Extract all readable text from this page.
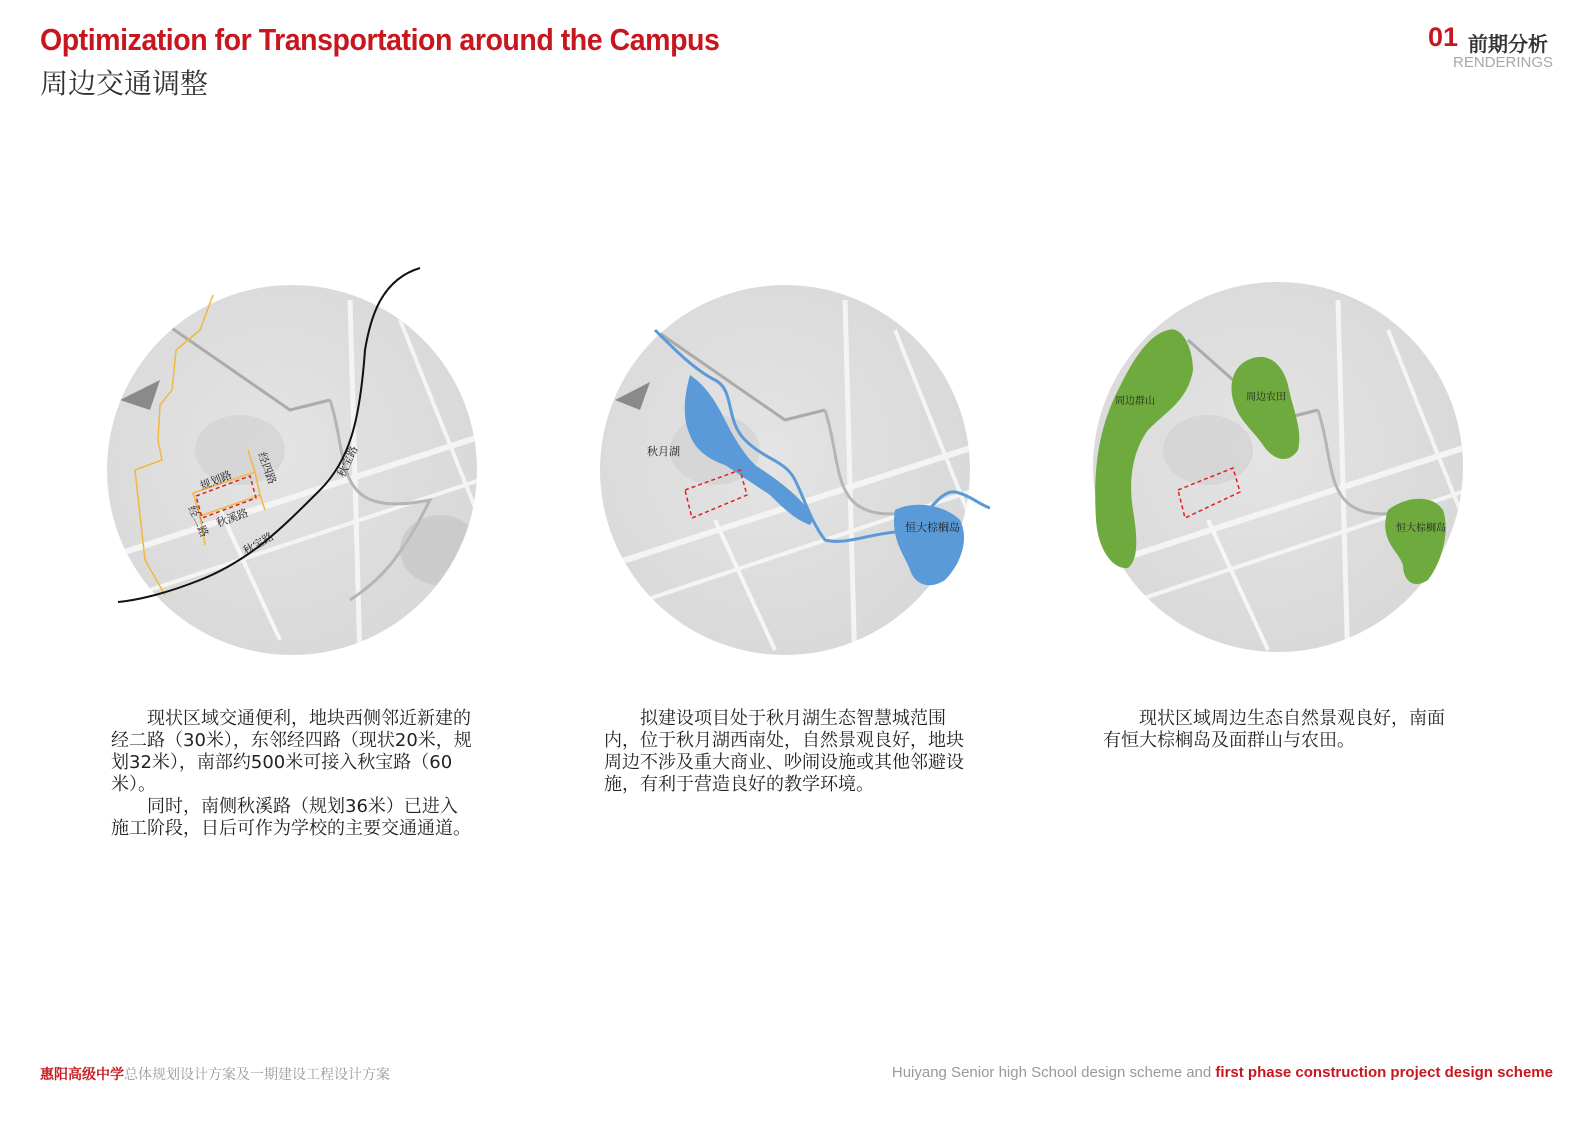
Optimization for Transportation around the Campus
周边交通调整
01 前期分析
RENDERINGS
规划路 经四路
经二路 秋溪路
秋宝路
秋宝路
秋月湖
恒大棕榈岛
周边群山	周边农田
恒大棕榈岛

现状区域交通便利，地块西侧邻近新建的经二路（30米），东邻经四路（现状20米，规划32米），南部约500米可接入秋宝路（60米）。

同时，南侧秋溪路（规划36米）已进入施工阶段，日后可作为学校的主要交通通道。

拟建设项目处于秋月湖生态智慧城范围内，位于秋月湖西南处，自然景观良好，地块周边不涉及重大商业、吵闹设施或其他邻避设施，有利于营造良好的教学环境。

现状区域周边生态自然景观良好，南面有恒大棕榈岛及面群山与农田。

惠阳高级中学总体规划设计方案及一期建设工程设计方案	Huiyang Senior high School design scheme and first phase construction project design scheme
